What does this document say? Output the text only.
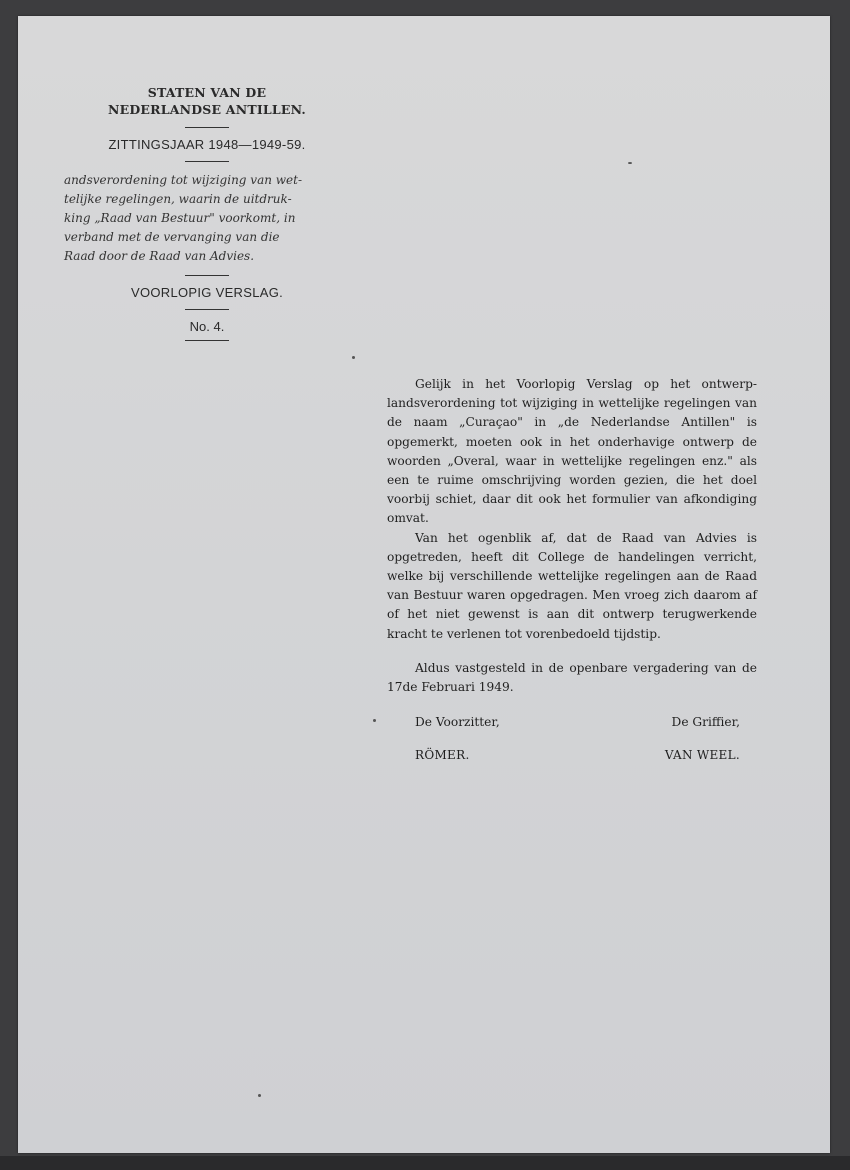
STATEN VAN DE
NEDERLANDSE ANTILLEN.
ZITTINGSJAAR 1948—1949-59.
andsverordening tot wijziging van wet-
telijke regelingen, waarin de uitdruk-
king „Raad van Bestuur" voorkomt, in
verband met de vervanging van die
Raad door de Raad van Advies.
VOORLOPIG VERSLAG.
No. 4.

Gelijk in het Voorlopig Verslag op het ontwerp-landsverordening tot wijziging in wettelijke regelingen van de naam „Curaçao" in „de Nederlandse Antillen" is opgemerkt, moeten ook in het onderhavige ontwerp de woorden „Overal, waar in wettelijke regelingen enz." als een te ruime omschrijving worden gezien, die het doel voorbij schiet, daar dit ook het formulier van afkondiging omvat.

Van het ogenblik af, dat de Raad van Advies is opgetreden, heeft dit College de handelingen verricht, welke bij verschillende wettelijke regelingen aan de Raad van Bestuur waren opgedragen. Men vroeg zich daarom af of het niet gewenst is aan dit ontwerp terugwerkende kracht te verlenen tot vorenbedoeld tijdstip.

Aldus vastgesteld in de openbare vergadering van de 17de Februari 1949.

De Voorzitter,	De Griffier,
RÖMER.	VAN WEEL.
